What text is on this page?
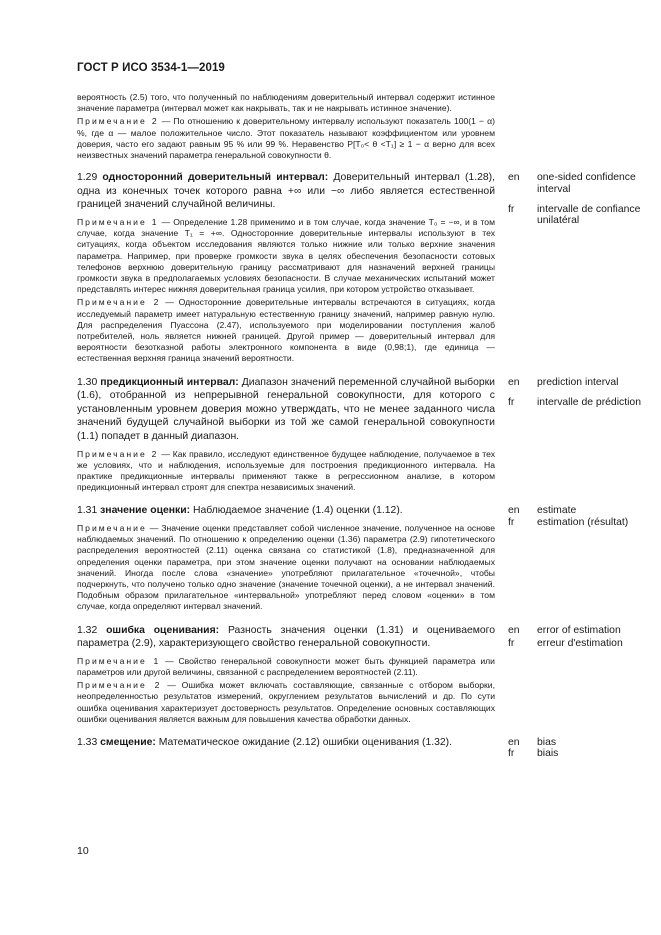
ГОСТ Р ИСО 3534-1—2019

вероятность (2.5) того, что полученный по наблюдениям доверительный интервал содержит истинное значение параметра (интервал может как накрывать, так и не накрывать истинное значение).

Примечание 2 — По отношению к доверительному интервалу используют показатель 100(1 − α) %, где α — малое положительное число. Этот показатель называют коэффициентом или уровнем доверия, часто его задают равным 95 % или 99 %. Неравенство P[T₀< θ <T₁] ≥ 1 − α верно для всех неизвестных значений параметра генеральной совокупности θ.

1.29 односторонний доверительный интервал: Доверительный интервал (1.28), одна из конечных точек которого равна +∞ или −∞ либо является естественной границей значений случайной величины.

Примечание 1 — Определение 1.28 применимо и в том случае, когда значение T₀ = −∞, и в том случае, когда значение T₁ = +∞. Односторонние доверительные интервалы используют в тех ситуациях, когда объектом исследования являются только нижние или только верхние значения параметра. Например, при проверке громкости звука в целях обеспечения безопасности сотовых телефонов верхнюю доверительную границу рассматривают для назначений верхней границы громкости звука в предполагаемых условиях безопасности. В случае механических испытаний может представлять интерес нижняя доверительная граница усилия, при котором устройство отказывает.

Примечание 2 — Односторонние доверительные интервалы встречаются в ситуациях, когда исследуемый параметр имеет натуральную естественную границу значений, например равную нулю. Для распределения Пуассона (2.47), используемого при моделировании поступления жалоб потребителей, ноль является нижней границей. Другой пример — доверительный интервал для вероятности безотказной работы электронного компонента в виде (0,98;1), где единица — естественная верхняя граница значений вероятности.

en	one-sided confidence interval
fr	intervalle de confiance unilatéral

1.30 предикционный интервал: Диапазон значений переменной случайной выборки (1.6), отобранной из непрерывной генеральной совокупности, для которого с установленным уровнем доверия можно утверждать, что не менее заданного числа значений будущей случайной выборки из той же самой генеральной совокупности (1.1) попадет в данный диапазон.

Примечание 2 — Как правило, исследуют единственное будущее наблюдение, получаемое в тех же условиях, что и наблюдения, используемые для построения предикционного интервала. На практике предикционные интервалы применяют также в регрессионном анализе, в котором предикционный интервал строят для спектра независимых значений.

en	prediction interval
fr	intervalle de prédiction

1.31 значение оценки: Наблюдаемое значение (1.4) оценки (1.12).

Примечание — Значение оценки представляет собой численное значение, полученное на основе наблюдаемых значений. По отношению к определению оценки (1.36) параметра (2.9) гипотетического распределения вероятностей (2.11) оценка связана со статистикой (1.8), предназначенной для определения оценки параметра, при этом значение оценки получают на основании наблюдаемых значений. Иногда после слова «значение» употребляют прилагательное «точечной», чтобы подчеркнуть, что получено только одно значение (значение точечной оценки), а не интервал значений. Подобным образом прилагательное «интервальной» употребляют перед словом «оценки» в том случае, когда определяют интервал значений.

en	estimate
fr	estimation (résultat)

1.32 ошибка оценивания: Разность значения оценки (1.31) и оцениваемого параметра (2.9), характеризующего свойство генеральной совокупности.

Примечание 1 — Свойство генеральной совокупности может быть функцией параметра или параметров или другой величины, связанной с распределением вероятностей (2.11).

Примечание 2 — Ошибка может включать составляющие, связанные с отбором выборки, неопределенностью результатов измерений, округлением результатов вычислений и др. По сути ошибка оценивания характеризует достоверность результатов. Определение основных составляющих ошибки оценивания является важным для повышения качества обработки данных.

en	error of estimation
fr	erreur d'estimation

1.33 смещение: Математическое ожидание (2.12) ошибки оценивания (1.32).	en	bias
fr	biais
10
